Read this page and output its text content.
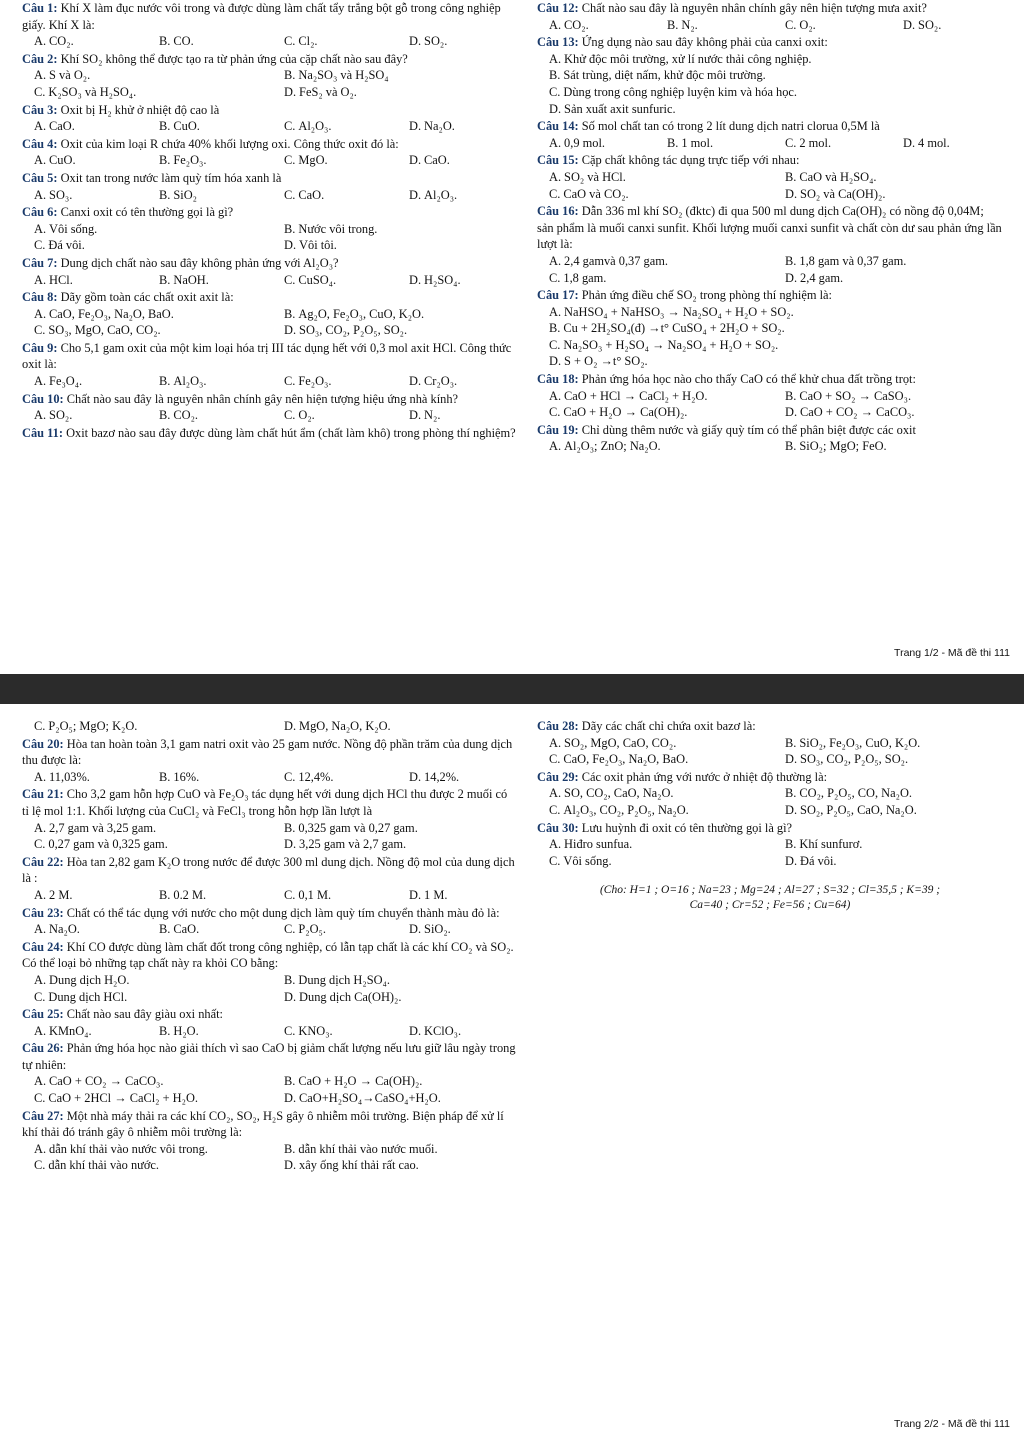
Câu 1: Khí X làm đục nước vôi trong và được dùng làm chất tẩy trắng bột gỗ trong công nghiệp giấy. Khí X là:
A. CO₂.	B. CO.	C. Cl₂.	D. SO₂.
Câu 2: Khí SO₂ không thể được tạo ra từ phản ứng của cặp chất nào sau đây?
A. S và O₂.	B. Na₂SO₃ và H₂SO₄
C. K₂SO₃ và H₂SO₄.	D. FeS₂ và O₂.
Câu 3: Oxit bị H₂ khử ở nhiệt độ cao là
A. CaO.	B. CuO.	C. Al₂O₃.	D. Na₂O.
Câu 4: Oxit của kim loại R chứa 40% khối lượng oxi. Công thức oxit đó là:
A. CuO.	B. Fe₂O₃.	C. MgO.	D. CaO.
Câu 5: Oxit tan trong nước làm quỳ tím hóa xanh là
A. SO₃.	B. SiO₂	C. CaO.	D. Al₂O₃.
Câu 6: Canxi oxit có tên thường gọi là gì?
A. Vôi sống.	B. Nước vôi trong.
C. Đá vôi.	D. Vôi tôi.
Câu 7: Dung dịch chất nào sau đây không phản ứng với Al₂O₃?
A. HCl.	B. NaOH.	C. CuSO₄.	D. H₂SO₄.
Câu 8: Dãy gồm toàn các chất oxit axit là:
A. CaO, Fe₂O₃, Na₂O, BaO.	B. Ag₂O, Fe₂O₃, CuO, K₂O.
C. SO₃, MgO, CaO, CO₂.	D. SO₃, CO₂, P₂O₅, SO₂.
Câu 9: Cho 5,1 gam oxit của một kim loại hóa trị III tác dụng hết với 0,3 mol axit HCl. Công thức oxit là:
A. Fe₃O₄.	B. Al₂O₃.	C. Fe₂O₃.	D. Cr₂O₃.
Câu 10: Chất nào sau đây là nguyên nhân chính gây nên hiện tượng hiệu ứng nhà kính?
A. SO₂.	B. CO₂.	C. O₂.	D. N₂.
Câu 11: Oxit bazơ nào sau đây được dùng làm chất hút ẩm (chất làm khô) trong phòng thí nghiệm?
Câu 12: Chất nào sau đây là nguyên nhân chính gây nên hiện tượng mưa axit?
A. CO₂.	B. N₂.	C. O₂.	D. SO₂.
Câu 13: Ứng dụng nào sau đây không phải của canxi oxit:
A. Khử độc môi trường, xử lí nước thải công nghiệp.
B. Sát trùng, diệt nấm, khử độc môi trường.
C. Dùng trong công nghiệp luyện kim và hóa học.
D. Sản xuất axit sunfuric.
Câu 14: Số mol chất tan có trong 2 lít dung dịch natri clorua 0,5M là
A. 0,9 mol.	B. 1 mol.	C. 2 mol.	D. 4 mol.
Câu 15: Cặp chất không tác dụng trực tiếp với nhau:
A. SO₂ và HCl.	B. CaO và H₂SO₄.
C. CaO và CO₂.	D. SO₂ và Ca(OH)₂.
Câu 16: Dẫn 336 ml khí SO₂ (đktc) đi qua 500 ml dung dịch Ca(OH)₂ có nồng độ 0,04M; sản phẩm là muối canxi sunfit. Khối lượng muối canxi sunfit và chất còn dư sau phản ứng lần lượt là:
A. 2,4 gamvà 0,37 gam.	B. 1,8 gam và 0,37 gam.
C. 1,8 gam.	D. 2,4 gam.
Câu 17: Phản ứng điều chế SO₂ trong phòng thí nghiệm là:
A. NaHSO₄ + NaHSO₃ → Na₂SO₄ + H₂O + SO₂.
B. Cu + 2H₂SO₄(đ) →t° CuSO₄ + 2H₂O + SO₂.
C. Na₂SO₃ + H₂SO₄ → Na₂SO₄ + H₂O + SO₂.
D. S + O₂ →t° SO₂.
Câu 18: Phản ứng hóa học nào cho thấy CaO có thể khử chua đất trồng trọt:
A. CaO + HCl → CaCl₂ + H₂O.	B. CaO + SO₂ → CaSO₃.
C. CaO + H₂O → Ca(OH)₂.	D. CaO + CO₂ → CaCO₃.
Câu 19: Chỉ dùng thêm nước và giấy quỳ tím có thể phân biệt được các oxit
A. Al₂O₃; ZnO; Na₂O.	B. SiO₂; MgO; FeO.
Trang 1/2 - Mã đề thi 111
C. P₂O₅; MgO; K₂O.	D. MgO, Na₂O, K₂O.
Câu 20: Hòa tan hoàn toàn 3,1 gam natri oxit vào 25 gam nước. Nồng độ phần trăm của dung dịch thu được là:
A. 11,03%.	B. 16%.	C. 12,4%.	D. 14,2%.
Câu 21: Cho 3,2 gam hỗn hợp CuO và Fe₂O₃ tác dụng hết với dung dịch HCl thu được 2 muối có tỉ lệ mol 1:1. Khối lượng của CuCl₂ và FeCl₃ trong hỗn hợp lần lượt là
A. 2,7 gam và 3,25 gam.	B. 0,325 gam và 0,27 gam.
C. 0,27 gam và 0,325 gam.	D. 3,25 gam và 2,7 gam.
Câu 22: Hòa tan 2,82 gam K₂O trong nước để được 300 ml dung dịch. Nồng độ mol của dung dịch là :
A. 2 M.	B. 0.2 M.	C. 0,1 M.	D. 1 M.
Câu 23: Chất có thể tác dụng với nước cho một dung dịch làm quỳ tím chuyển thành màu đỏ là:
A. Na₂O.	B. CaO.	C. P₂O₅.	D. SiO₂.
Câu 24: Khí CO được dùng làm chất đốt trong công nghiệp, có lẫn tạp chất là các khí CO₂ và SO₂. Có thể loại bỏ những tạp chất này ra khỏi CO bằng:
A. Dung dịch H₂O.	B. Dung dịch H₂SO₄.
C. Dung dịch HCl.	D. Dung dịch Ca(OH)₂.
Câu 25: Chất nào sau đây giàu oxi nhất:
A. KMnO₄.	B. H₂O.	C. KNO₃.	D. KClO₃.
Câu 26: Phản ứng hóa học nào giải thích vì sao CaO bị giảm chất lượng nếu lưu giữ lâu ngày trong tự nhiên:
A. CaO + CO₂ → CaCO₃.	B. CaO + H₂O → Ca(OH)₂.
C. CaO + 2HCl → CaCl₂ + H₂O.	D. CaO+H₂SO₄→CaSO₄+H₂O.
Câu 27: Một nhà máy thải ra các khí CO₂, SO₂, H₂S gây ô nhiễm môi trường. Biện pháp để xử lí khí thải đó tránh gây ô nhiễm môi trường là:
A. dẫn khí thải vào nước vôi trong.	B. dẫn khí thải vào nước muối.
C. dẫn khí thải vào nước.	D. xây ống khí thải rất cao.
Câu 28: Dãy các chất chỉ chứa oxit bazơ là:
A. SO₂, MgO, CaO, CO₂.	B. SiO₂, Fe₂O₃, CuO, K₂O.
C. CaO, Fe₂O₃, Na₂O, BaO.	D. SO₃, CO₂, P₂O₅, SO₂.
Câu 29: Các oxit phản ứng với nước ở nhiệt độ thường là:
A. SO, CO₂, CaO, Na₂O.	B. CO₂, P₂O₅, CO, Na₂O.
C. Al₂O₃, CO₂, P₂O₅, Na₂O.	D. SO₂, P₂O₅, CaO, Na₂O.
Câu 30: Lưu huỳnh đi oxit có tên thường gọi là gì?
A. Hiđro sunfua.	B. Khí sunfurơ.
C. Vôi sống.	D. Đá vôi.
(Cho: H=1 ; O=16 ; Na=23 ; Mg=24 ; Al=27 ; S=32 ; Cl=35,5 ; K=39 ;
Ca=40 ; Cr=52 ; Fe=56 ; Cu=64)
Trang 2/2 - Mã đề thi 111
